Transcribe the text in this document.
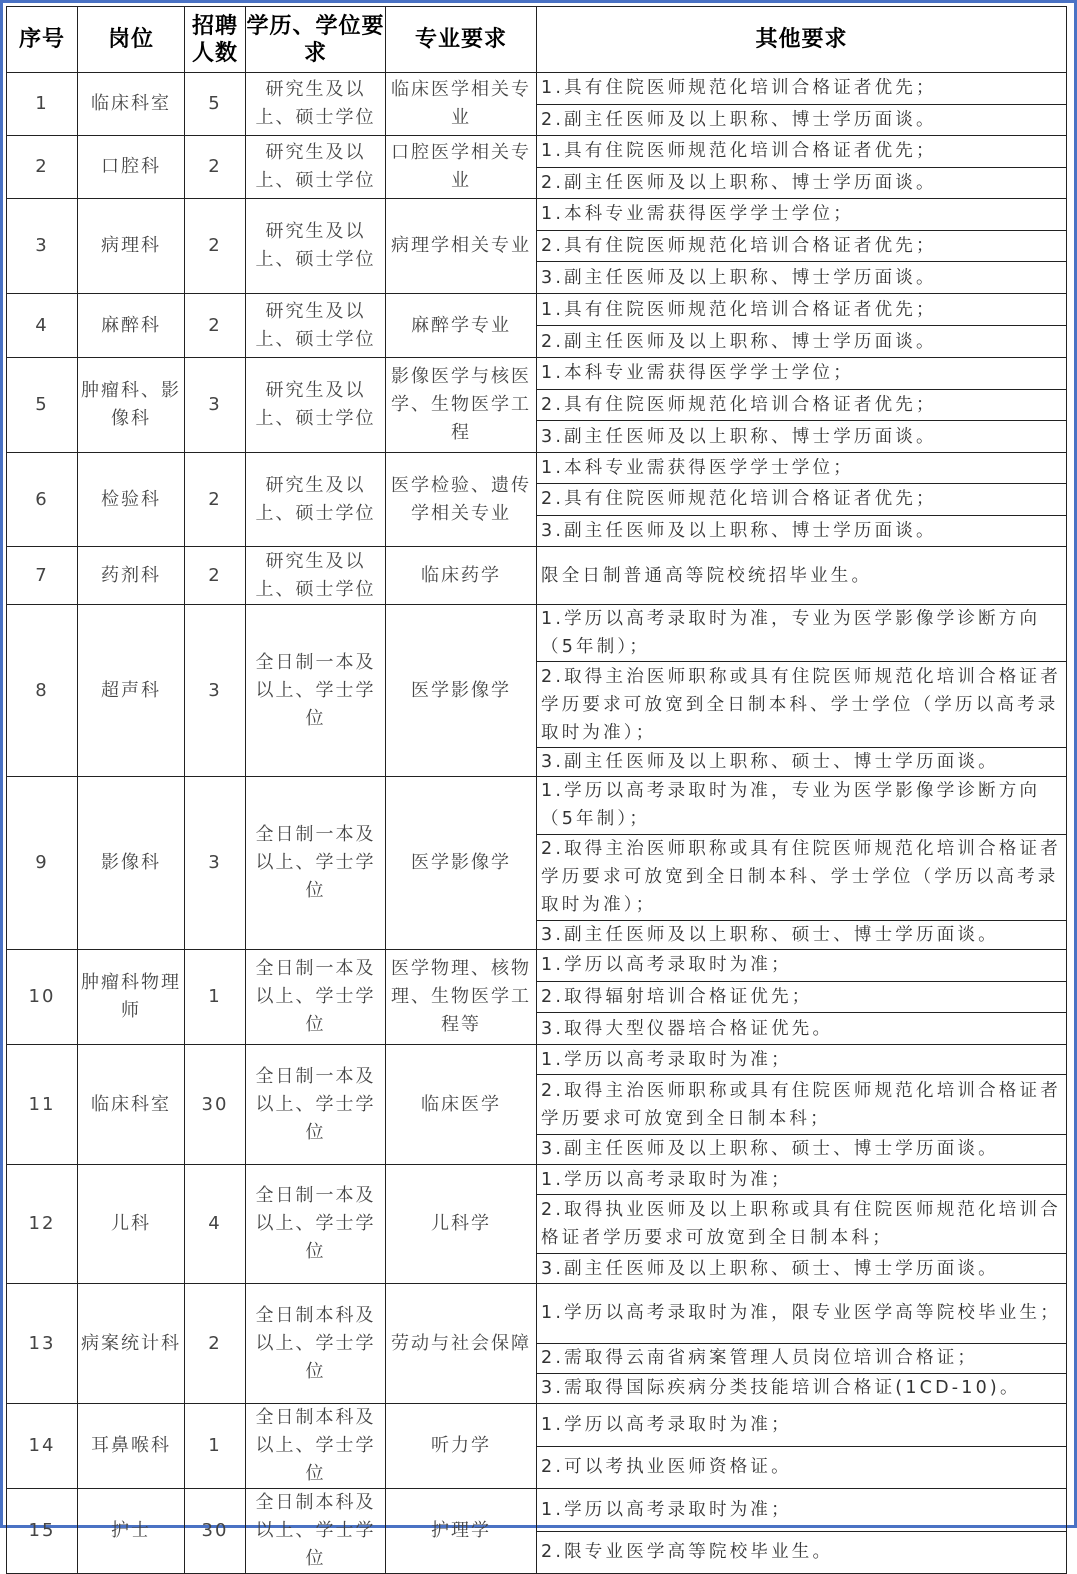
序号	岗位	招聘人数	学历、学位要求	专业要求	其他要求
1	临床科室	5	研究生及以上、硕士学位	临床医学相关专业	1.具有住院医师规范化培训合格证者优先；
2.副主任医师及以上职称、博士学历面谈。

2	口腔科	2	研究生及以上、硕士学位	口腔医学相关专业	1.具有住院医师规范化培训合格证者优先；
2.副主任医师及以上职称、博士学历面谈。

3	病理科	2	研究生及以上、硕士学位	病理学相关专业	1.本科专业需获得医学学士学位；
2.具有住院医师规范化培训合格证者优先；
3.副主任医师及以上职称、博士学历面谈。

4	麻醉科	2	研究生及以上、硕士学位	麻醉学专业	1.具有住院医师规范化培训合格证者优先；
2.副主任医师及以上职称、博士学历面谈。

5	肿瘤科、影像科	3	研究生及以上、硕士学位	影像医学与核医学、生物医学工程	1.本科专业需获得医学学士学位；
2.具有住院医师规范化培训合格证者优先；
3.副主任医师及以上职称、博士学历面谈。

6	检验科	2	研究生及以上、硕士学位	医学检验、遗传学相关专业	1.本科专业需获得医学学士学位；
2.具有住院医师规范化培训合格证者优先；
3.副主任医师及以上职称、博士学历面谈。

7	药剂科	2	研究生及以上、硕士学位	临床药学	限全日制普通高等院校统招毕业生。

8	超声科	3	全日制一本及以上、学士学位	医学影像学	1.学历以高考录取时为准，专业为医学影像学诊断方向（5年制）；
2.取得主治医师职称或具有住院医师规范化培训合格证者学历要求可放宽到全日制本科、学士学位（学历以高考录取时为准）；
3.副主任医师及以上职称、硕士、博士学历面谈。

9	影像科	3	全日制一本及以上、学士学位	医学影像学	1.学历以高考录取时为准，专业为医学影像学诊断方向（5年制）；
2.取得主治医师职称或具有住院医师规范化培训合格证者学历要求可放宽到全日制本科、学士学位（学历以高考录取时为准）；
3.副主任医师及以上职称、硕士、博士学历面谈。

10	肿瘤科物理师	1	全日制一本及以上、学士学位	医学物理、核物理、生物医学工程等	1.学历以高考录取时为准；
2.取得辐射培训合格证优先；
3.取得大型仪器培合格证优先。

11	临床科室	30	全日制一本及以上、学士学位	临床医学	1.学历以高考录取时为准；
2.取得主治医师职称或具有住院医师规范化培训合格证者学历要求可放宽到全日制本科；
3.副主任医师及以上职称、硕士、博士学历面谈。

12	儿科	4	全日制一本及以上、学士学位	儿科学	1.学历以高考录取时为准；
2.取得执业医师及以上职称或具有住院医师规范化培训合格证者学历要求可放宽到全日制本科；
3.副主任医师及以上职称、硕士、博士学历面谈。

13	病案统计科	2	全日制本科及以上、学士学位	劳动与社会保障	1.学历以高考录取时为准，限专业医学高等院校毕业生；
2.需取得云南省病案管理人员岗位培训合格证；
3.需取得国际疾病分类技能培训合格证(1CD-10)。

14	耳鼻喉科	1	全日制本科及以上、学士学位	听力学	1.学历以高考录取时为准；
2.可以考执业医师资格证。

15	护士	30	全日制本科及以上、学士学位	护理学	1.学历以高考录取时为准；
2.限专业医学高等院校毕业生。
